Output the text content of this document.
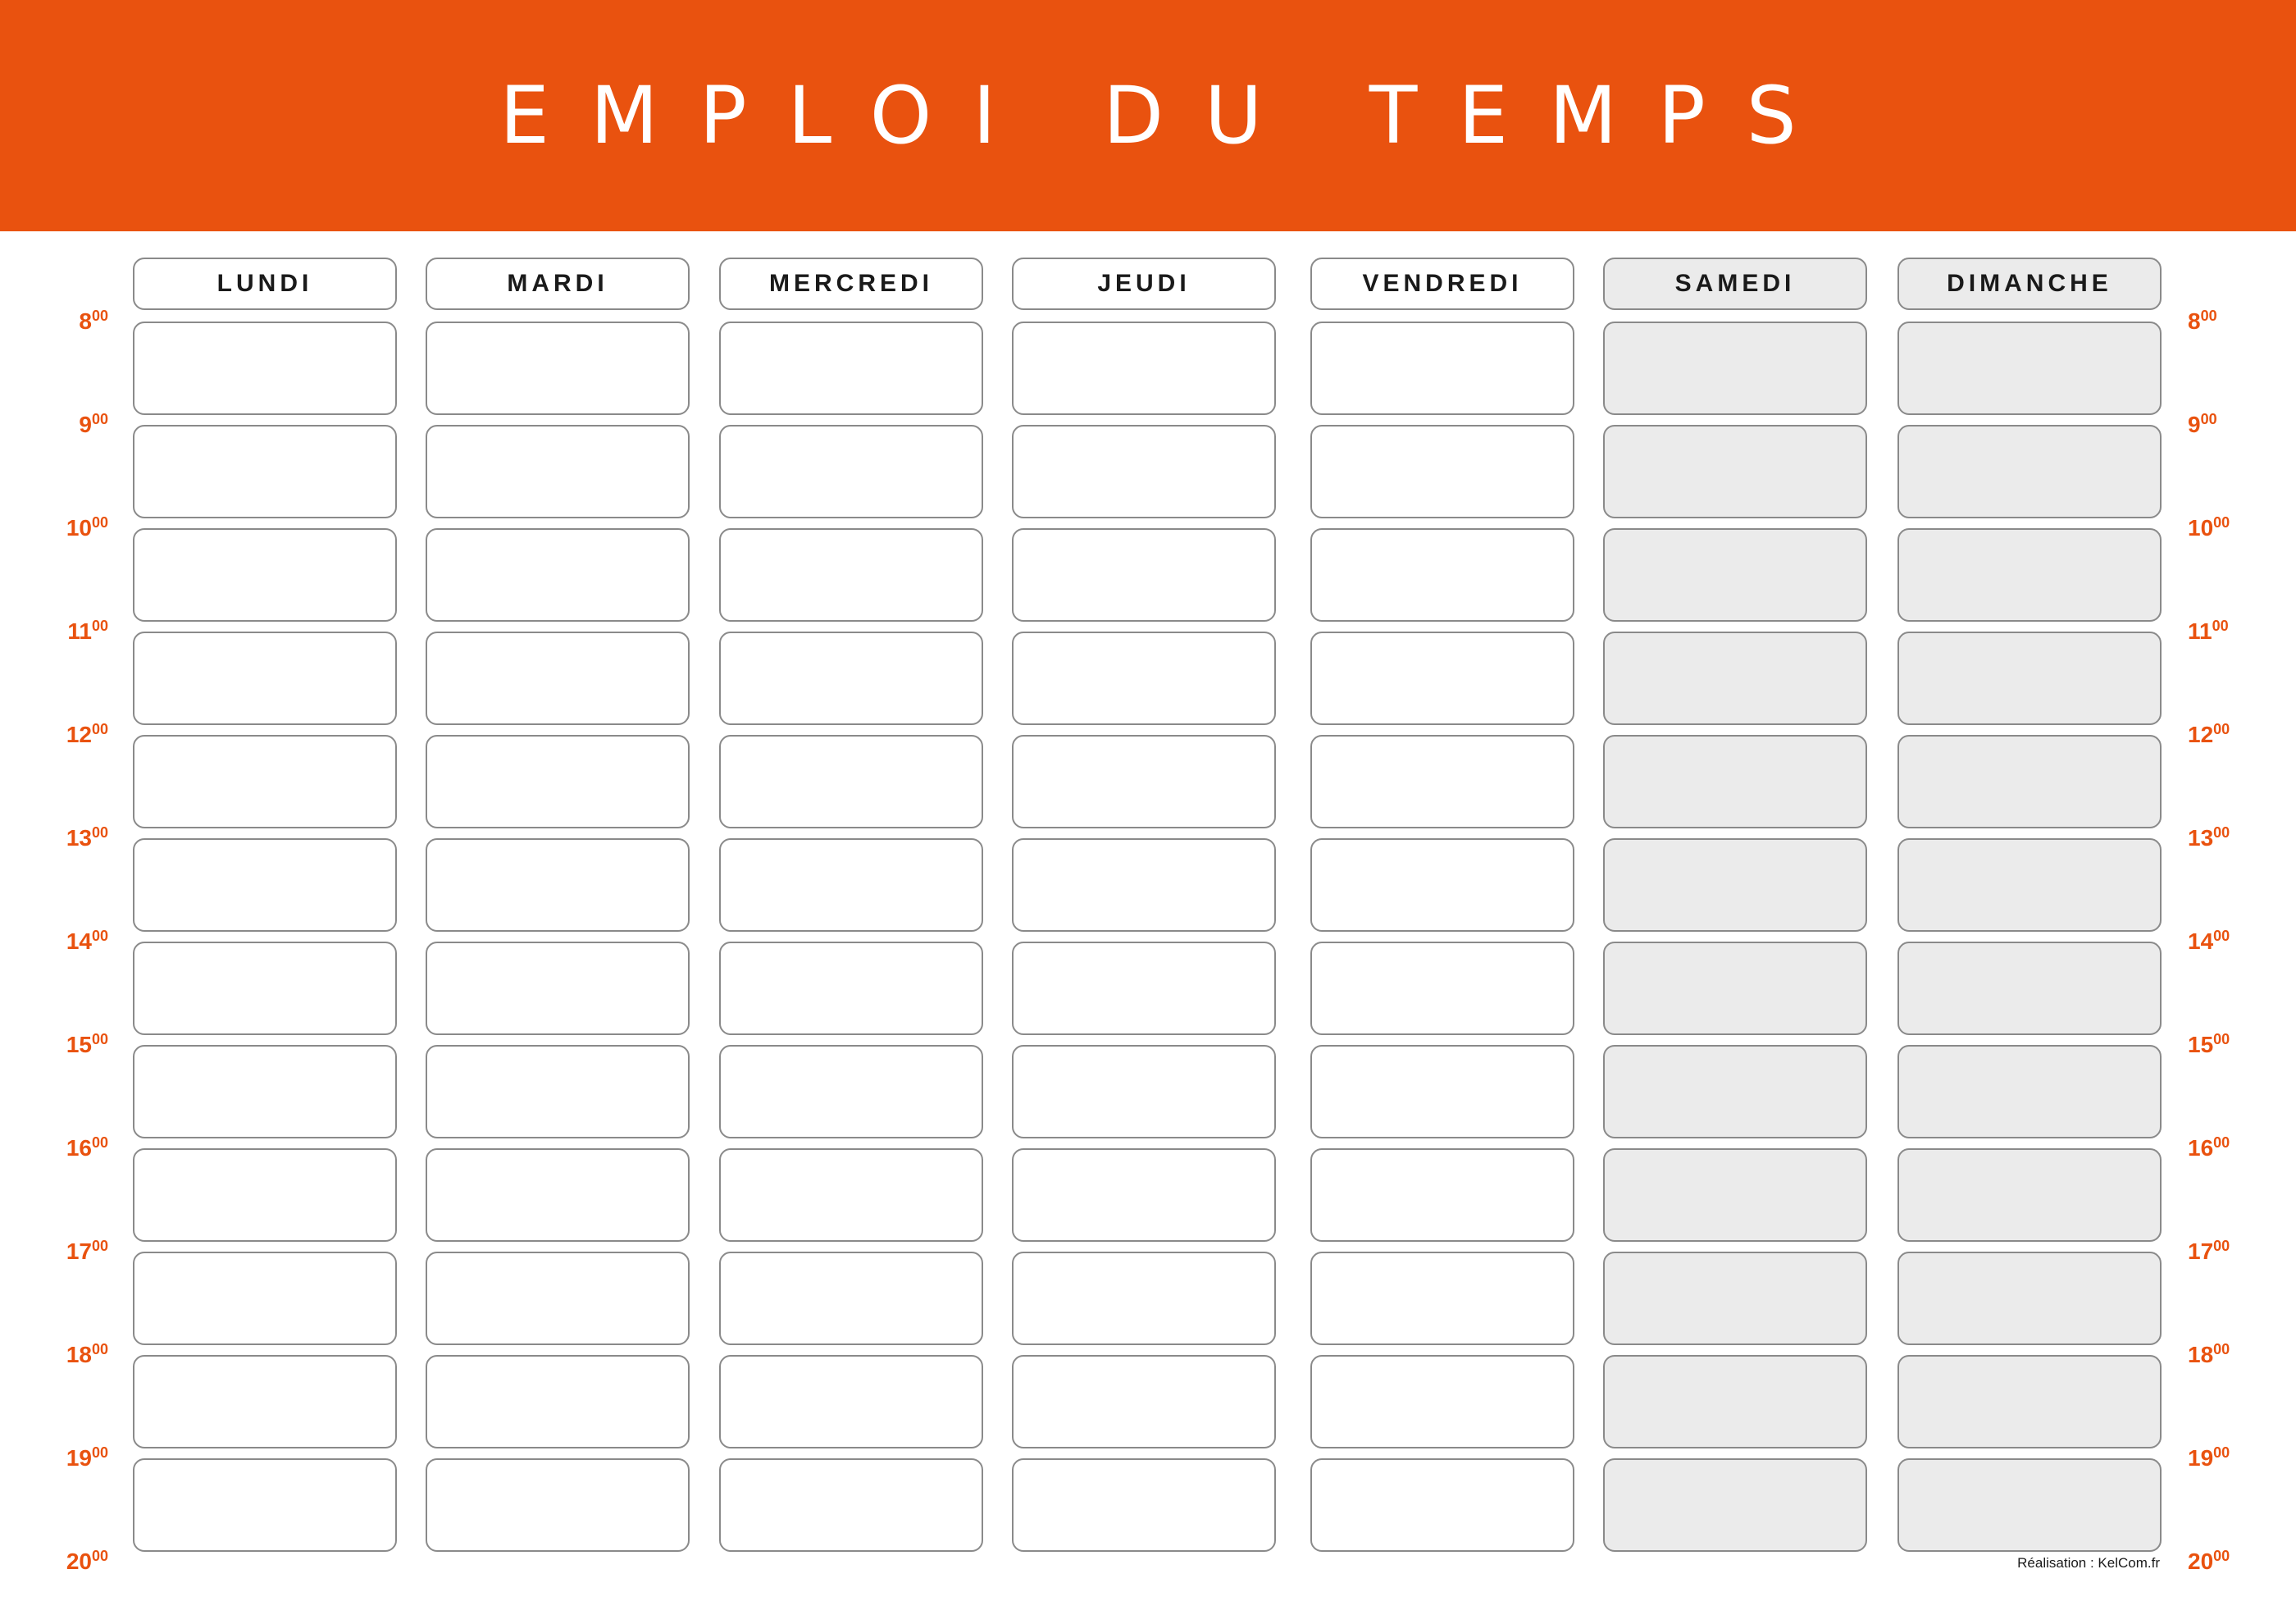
EMPLOI DU TEMPS
LUNDI	MARDI	MERCREDI	JEUDI	VENDREDI	SAMEDI	DIMANCHE
$8^{00}$	$8^{00}$
$9^{00}$	$9^{00}$
$10^{00}$	$10^{00}$
$11^{00}$	$11^{00}$
$12^{00}$	$12^{00}$
$13^{00}$	$13^{00}$
$14^{00}$	$14^{00}$
$15^{00}$	$15^{00}$
$16^{00}$	$16^{00}$
$17^{00}$	$17^{00}$
$18^{00}$	$18^{00}$
$19^{00}$	$19^{00}$
$20^{00}$	$20^{00}$
Réalisation : KelCom.fr
